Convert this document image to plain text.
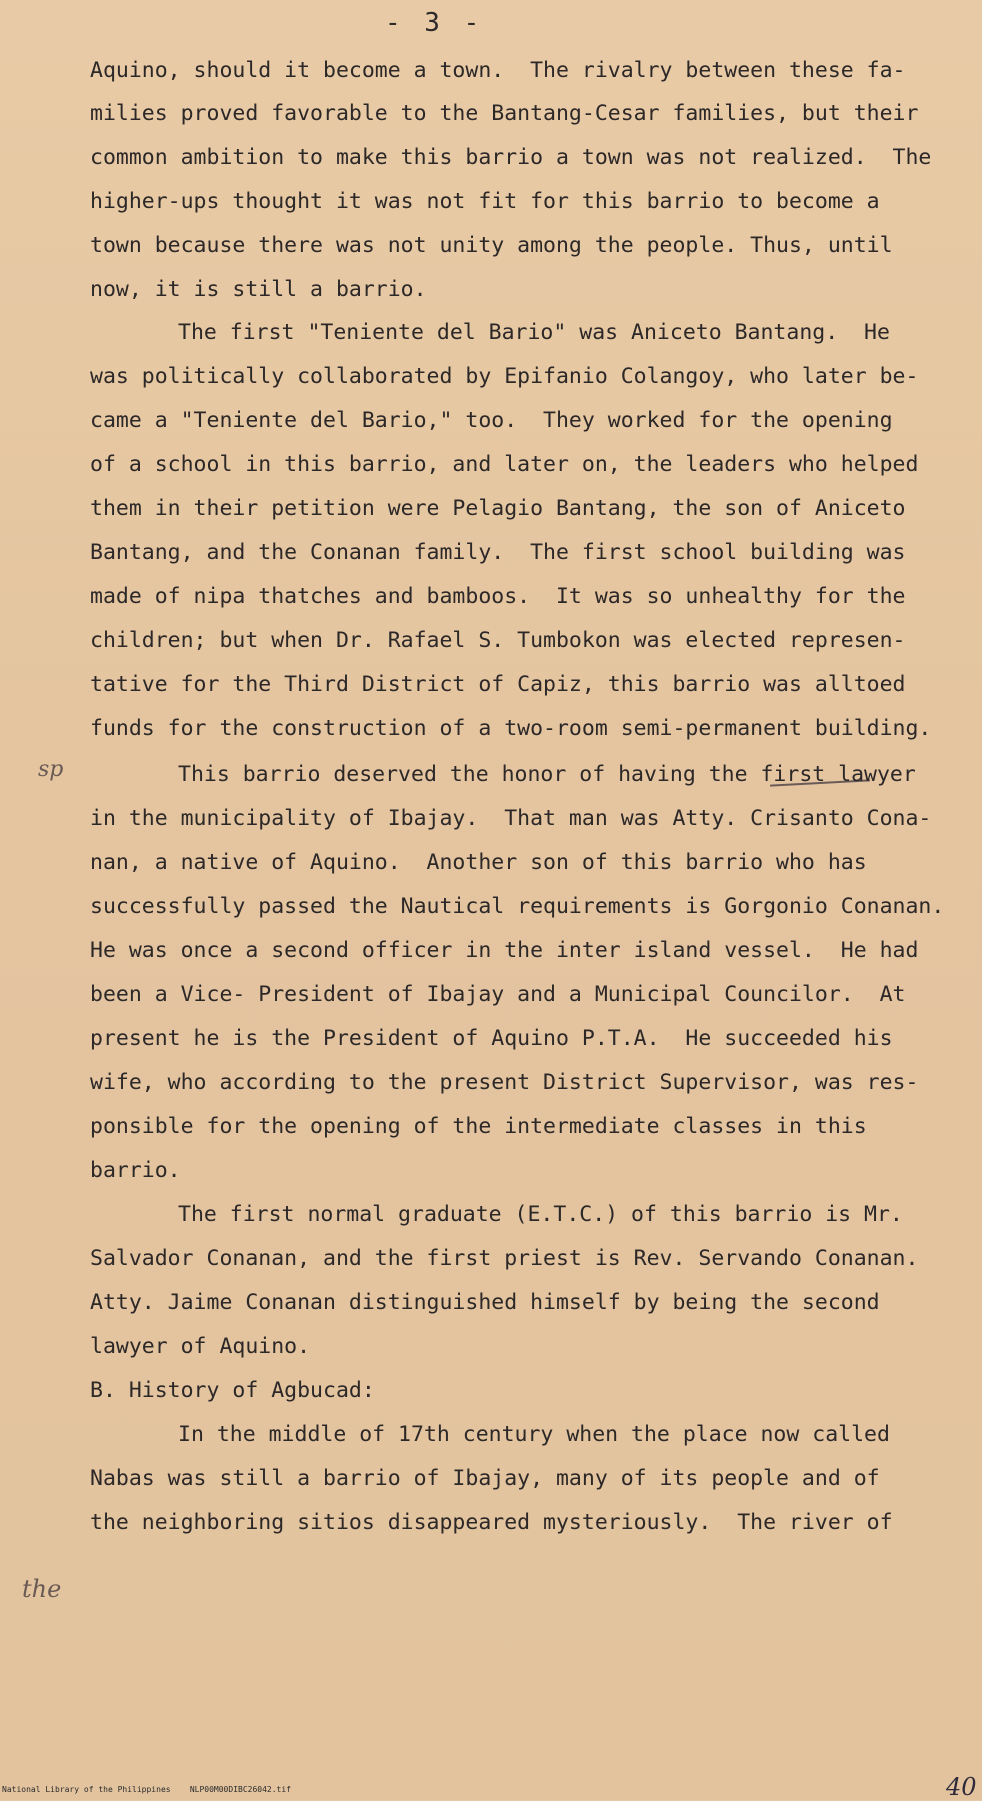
- 3 -
Aquino, should it become a town.  The rivalry between these fa-
milies proved favorable to the Bantang-Cesar families, but their
common ambition to make this barrio a town was not realized.  The
higher-ups thought it was not fit for this barrio to become a
town because there was not unity among the people. Thus, until
now, it is still a barrio.
The first "Teniente del Bario" was Aniceto Bantang.  He
was politically collaborated by Epifanio Colangoy, who later be-
came a "Teniente del Bario," too.  They worked for the opening
of a school in this barrio, and later on, the leaders who helped
them in their petition were Pelagio Bantang, the son of Aniceto
Bantang, and the Conanan family.  The first school building was
made of nipa thatches and bamboos.  It was so unhealthy for the
children; but when Dr. Rafael S. Tumbokon was elected represen-
tative for the Third District of Capiz, this barrio was alltoed
funds for the construction of a two-room semi-permanent building.
This barrio deserved the honor of having the first lawyer
in the municipality of Ibajay.  That man was Atty. Crisanto Cona-
nan, a native of Aquino.  Another son of this barrio who has
successfully passed the Nautical requirements is Gorgonio Conanan.
He was once a second officer in the inter island vessel.  He had
been a Vice- President of Ibajay and a Municipal Councilor.  At
present he is the President of Aquino P.T.A.  He succeeded his
wife, who according to the present District Supervisor, was res-
ponsible for the opening of the intermediate classes in this
barrio.
The first normal graduate (E.T.C.) of this barrio is Mr.
Salvador Conanan, and the first priest is Rev. Servando Conanan.
Atty. Jaime Conanan distinguished himself by being the second
lawyer of Aquino.
B. History of Agbucad:
In the middle of 17th century when the place now called
Nabas was still a barrio of Ibajay, many of its people and of
the neighboring sitios disappeared mysteriously.  The river of
sp
the
National Library of the Philippines    NLP00M00DIBC26042.tif	40
